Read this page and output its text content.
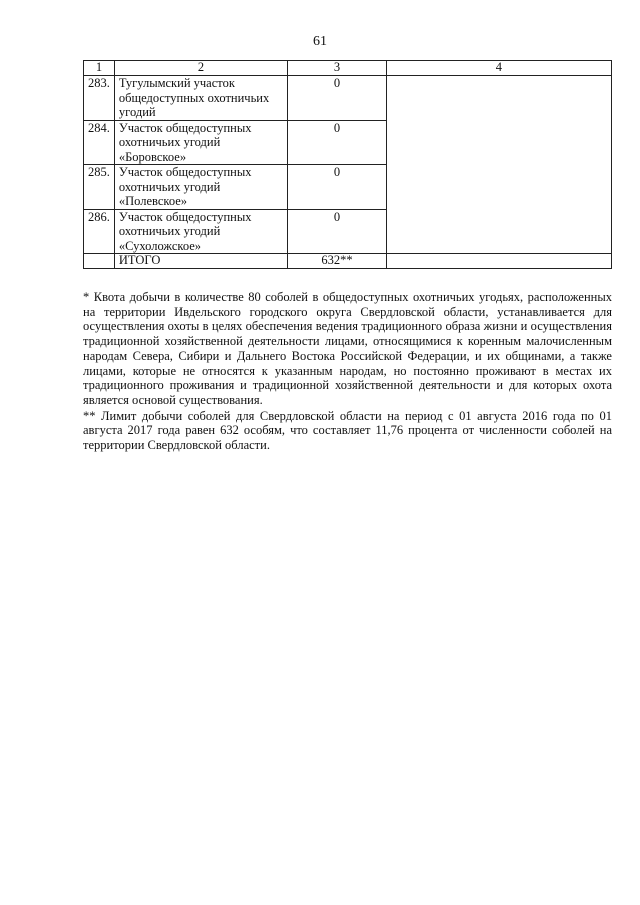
61
1	2	3	4
283.	Тугулымский участок общедоступных охотничьих угодий	0	
284.	Участок общедоступных охотничьих угодий «Боровское»	0	
285.	Участок общедоступных охотничьих угодий «Полевское»	0	
286.	Участок общедоступных охотничьих угодий «Сухоложское»	0	
	ИТОГО	632**	

* Квота добычи в количестве 80 соболей в общедоступных охотничьих угодьях, расположенных на территории Ивдельского городского округа Свердловской области, устанавливается для осуществления охоты в целях обеспечения ведения традиционного образа жизни и осуществления традиционной хозяйственной деятельности лицами, относящимися к коренным малочисленным народам Севера, Сибири и Дальнего Востока Российской Федерации, и их общинами, а также лицами, которые не относятся к указанным народам, но постоянно проживают в местах их традиционного проживания и традиционной хозяйственной деятельности и для которых охота является основой существования.

** Лимит добычи соболей для Свердловской области на период с 01 августа 2016 года по 01 августа 2017 года равен 632 особям, что составляет 11,76 процента от численности соболей на территории Свердловской области.
